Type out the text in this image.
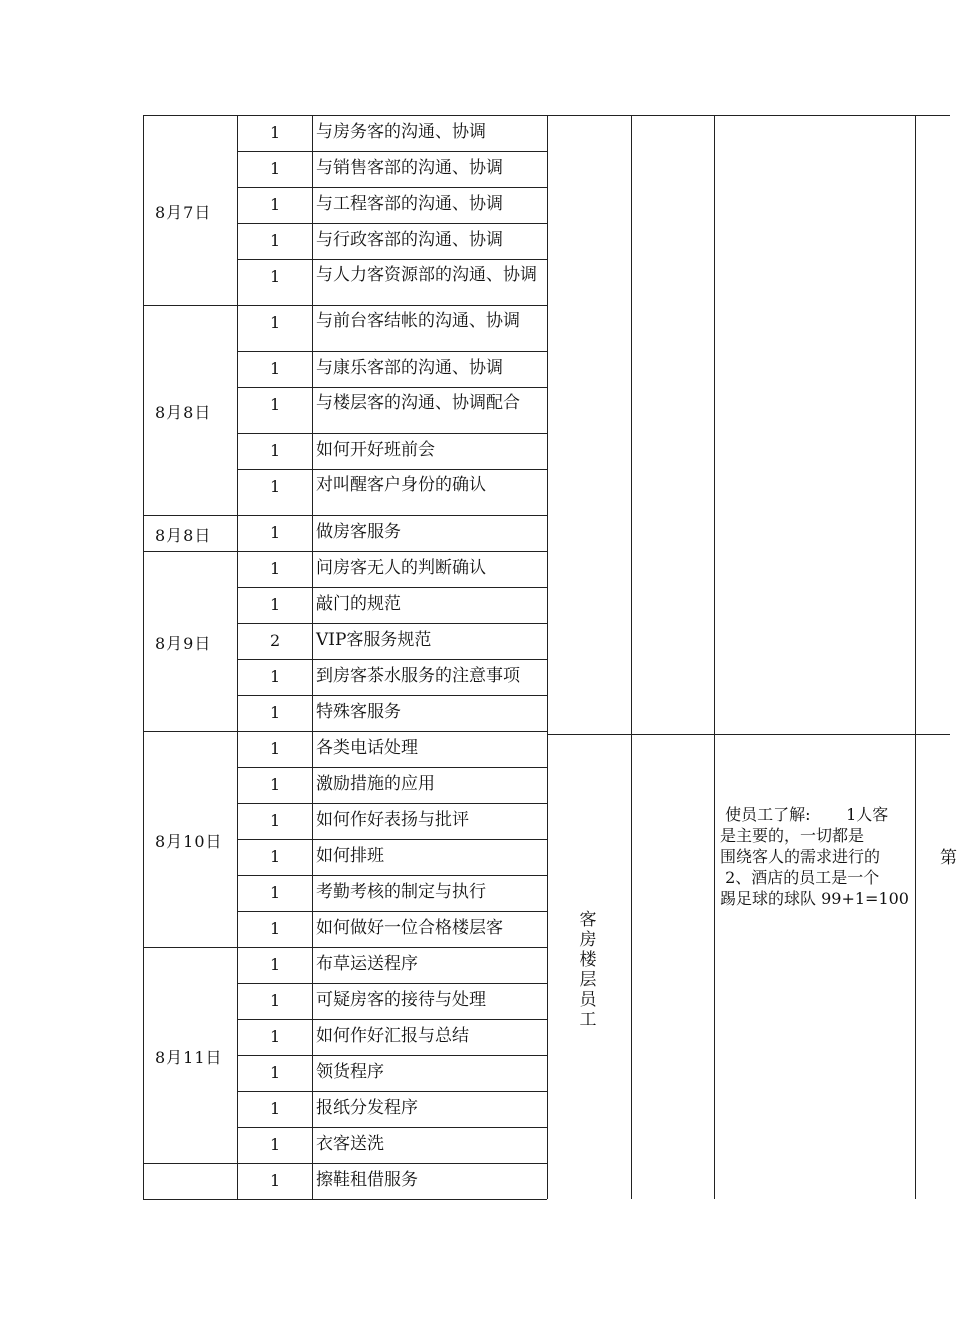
8月7日
1 与房务客的沟通、协调
1 与销售客部的沟通、协调
1 与工程客部的沟通、协调
1 与行政客部的沟通、协调
1 与人力客资源部的沟通、协调
8月8日
1 与前台客结帐的沟通、协调
1 与康乐客部的沟通、协调
1 与楼层客的沟通、协调配合
1 如何开好班前会
1 对叫醒客户身份的确认
8月8日	1 做房客服务
8月9日
1 问房客无人的判断确认
1 敲门的规范
2 VIP客服务规范
1 到房客茶水服务的注意事项
1 特殊客服务
8月10日
1 各类电话处理
1 激励措施的应用
1 如何作好表扬与批评
1 如何排班
1 考勤考核的制定与执行
1 如何做好一位合格楼层客
8月11日
1 布草运送程序
1 可疑房客的接待与处理
1 如何作好汇报与总结
1 领货程序
1 报纸分发程序
1 衣客送洗
1 擦鞋租借服务
客房楼层员工
使员工了解:       1人客
是主要的，一切都是
围绕客人的需求进行的
2、酒店的员工是一个
踢足球的球队 99+1=100
第
